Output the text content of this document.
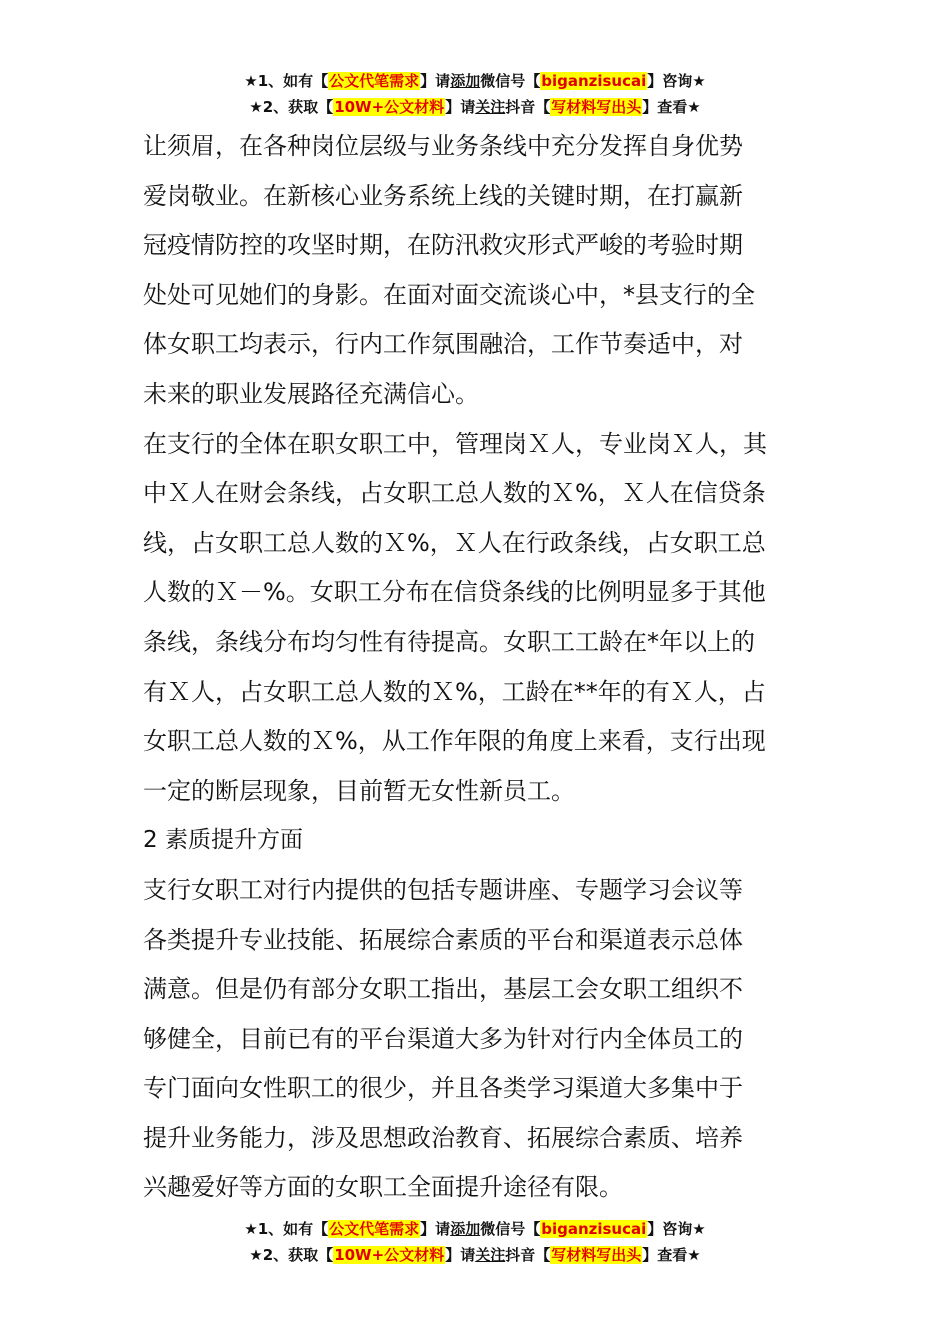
★1、如有【公文代笔需求】请添加微信号【biganzisucai】咨询★
★2、获取【10W+公文材料】请关注抖音【写材料写出头】查看★

让须眉，在各种岗位层级与业务条线中充分发挥自身优势

爱岗敬业。在新核心业务系统上线的关键时期，在打赢新

冠疫情防控的攻坚时期，在防汛救灾形式严峻的考验时期

处处可见她们的身影。在面对面交流谈心中，*县支行的全

体女职工均表示，行内工作氛围融洽，工作节奏适中，对

未来的职业发展路径充满信心。

在支行的全体在职女职工中，管理岗Ｘ人，专业岗Ｘ人，其

中Ｘ人在财会条线，占女职工总人数的Ｘ%，Ｘ人在信贷条

线，占女职工总人数的Ｘ%，Ｘ人在行政条线，占女职工总

人数的Ｘ－%。女职工分布在信贷条线的比例明显多于其他

条线，条线分布均匀性有待提高。女职工工龄在*年以上的

有Ｘ人，占女职工总人数的Ｘ%，工龄在**年的有Ｘ人，占

女职工总人数的Ｘ%，从工作年限的角度上来看，支行出现

一定的断层现象，目前暂无女性新员工。

2 素质提升方面

支行女职工对行内提供的包括专题讲座、专题学习会议等

各类提升专业技能、拓展综合素质的平台和渠道表示总体

满意。但是仍有部分女职工指出，基层工会女职工组织不

够健全，目前已有的平台渠道大多为针对行内全体员工的

专门面向女性职工的很少，并且各类学习渠道大多集中于

提升业务能力，涉及思想政治教育、拓展综合素质、培养

兴趣爱好等方面的女职工全面提升途径有限。

★1、如有【公文代笔需求】请添加微信号【biganzisucai】咨询★
★2、获取【10W+公文材料】请关注抖音【写材料写出头】查看★
